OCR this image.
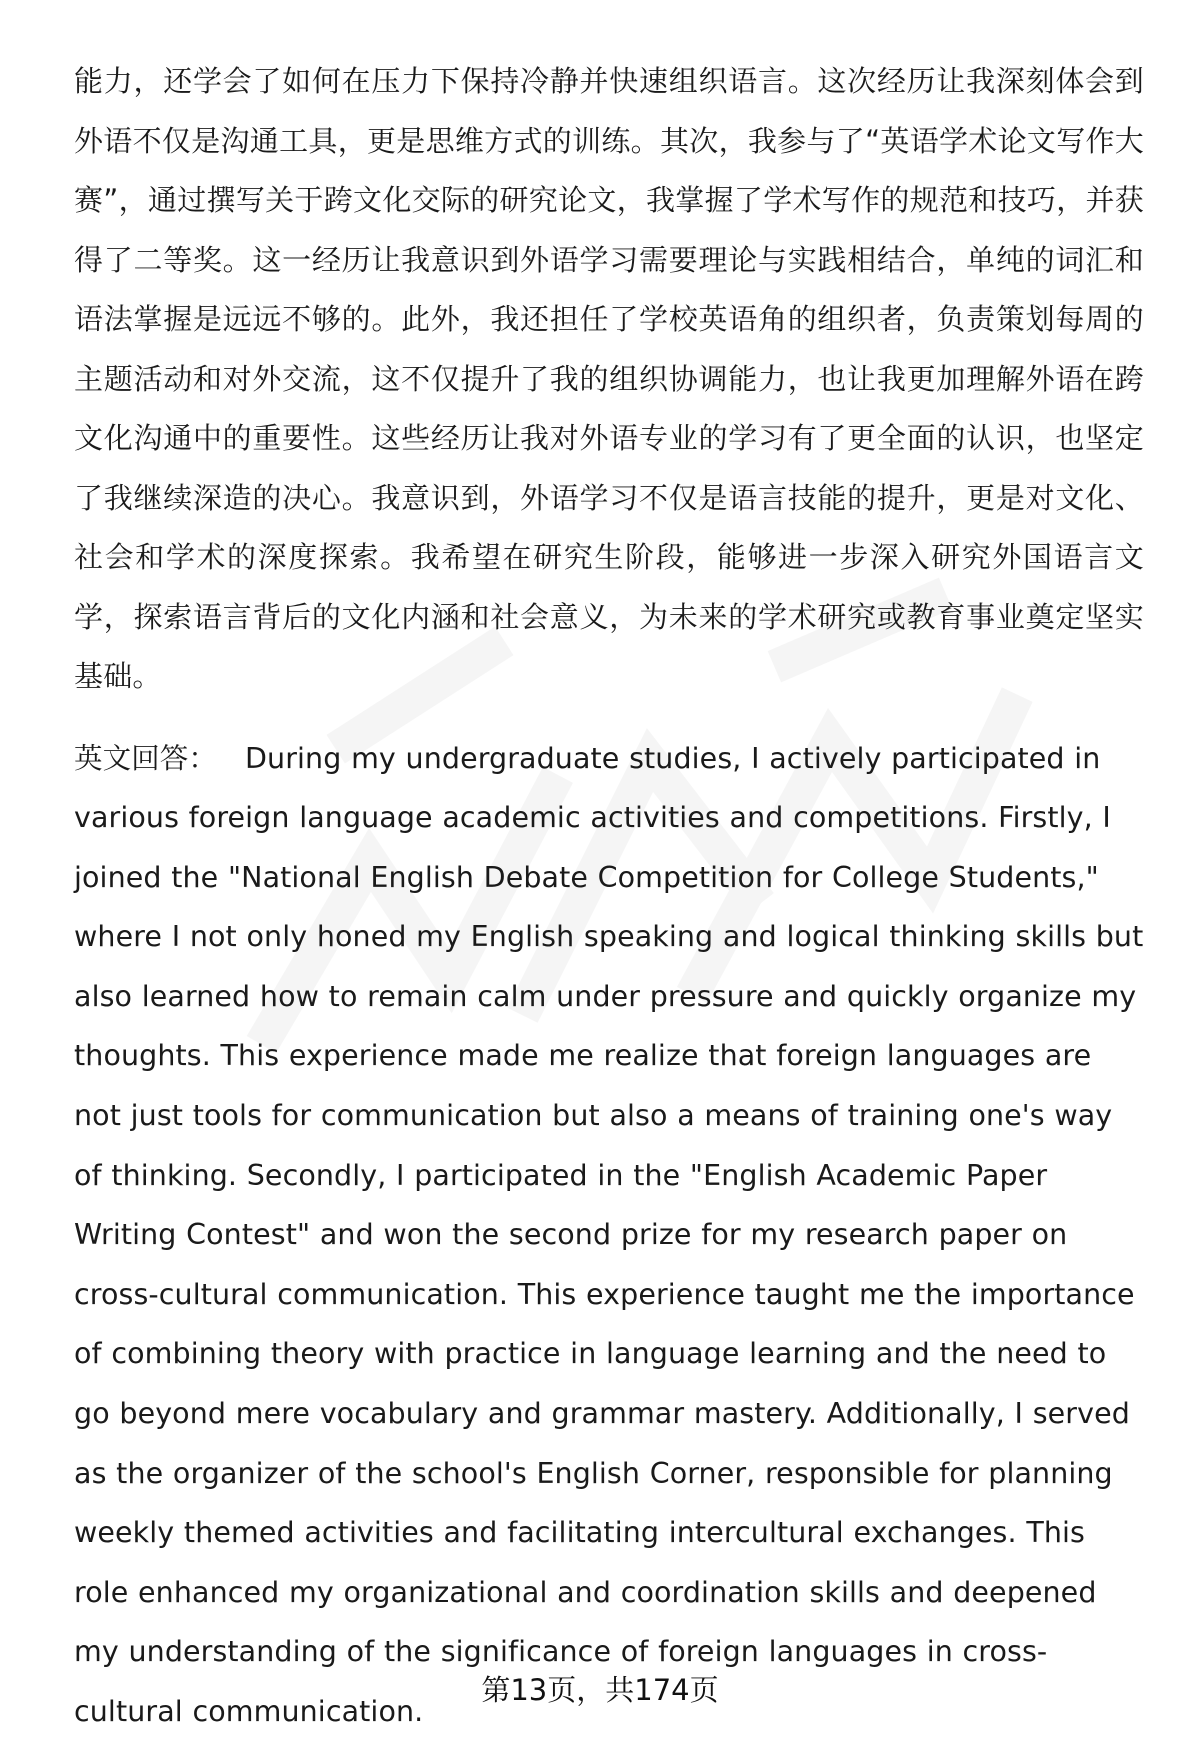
能力，还学会了如何在压力下保持冷静并快速组织语言。这次经历让我深刻体会到外语不仅是沟通工具，更是思维方式的训练。其次，我参与了“英语学术论文写作大赛”，通过撰写关于跨文化交际的研究论文，我掌握了学术写作的规范和技巧，并获得了二等奖。这一经历让我意识到外语学习需要理论与实践相结合，单纯的词汇和语法掌握是远远不够的。此外，我还担任了学校英语角的组织者，负责策划每周的主题活动和对外交流，这不仅提升了我的组织协调能力，也让我更加理解外语在跨文化沟通中的重要性。这些经历让我对外语专业的学习有了更全面的认识，也坚定了我继续深造的决心。我意识到，外语学习不仅是语言技能的提升，更是对文化、社会和学术的深度探索。我希望在研究生阶段，能够进一步深入研究外国语言文学，探索语言背后的文化内涵和社会意义，为未来的学术研究或教育事业奠定坚实基础。

英文回答： During my undergraduate studies, I actively participated in various foreign language academic activities and competitions. Firstly, I joined the "National English Debate Competition for College Students," where I not only honed my English speaking and logical thinking skills but also learned how to remain calm under pressure and quickly organize my thoughts. This experience made me realize that foreign languages are not just tools for communication but also a means of training one's way of thinking. Secondly, I participated in the "English Academic Paper Writing Contest" and won the second prize for my research paper on cross-cultural communication. This experience taught me the importance of combining theory with practice in language learning and the need to go beyond mere vocabulary and grammar mastery. Additionally, I served as the organizer of the school's English Corner, responsible for planning weekly themed activities and facilitating intercultural exchanges. This role enhanced my organizational and coordination skills and deepened my understanding of the significance of foreign languages in cross-cultural communication.

第13页，共174页
